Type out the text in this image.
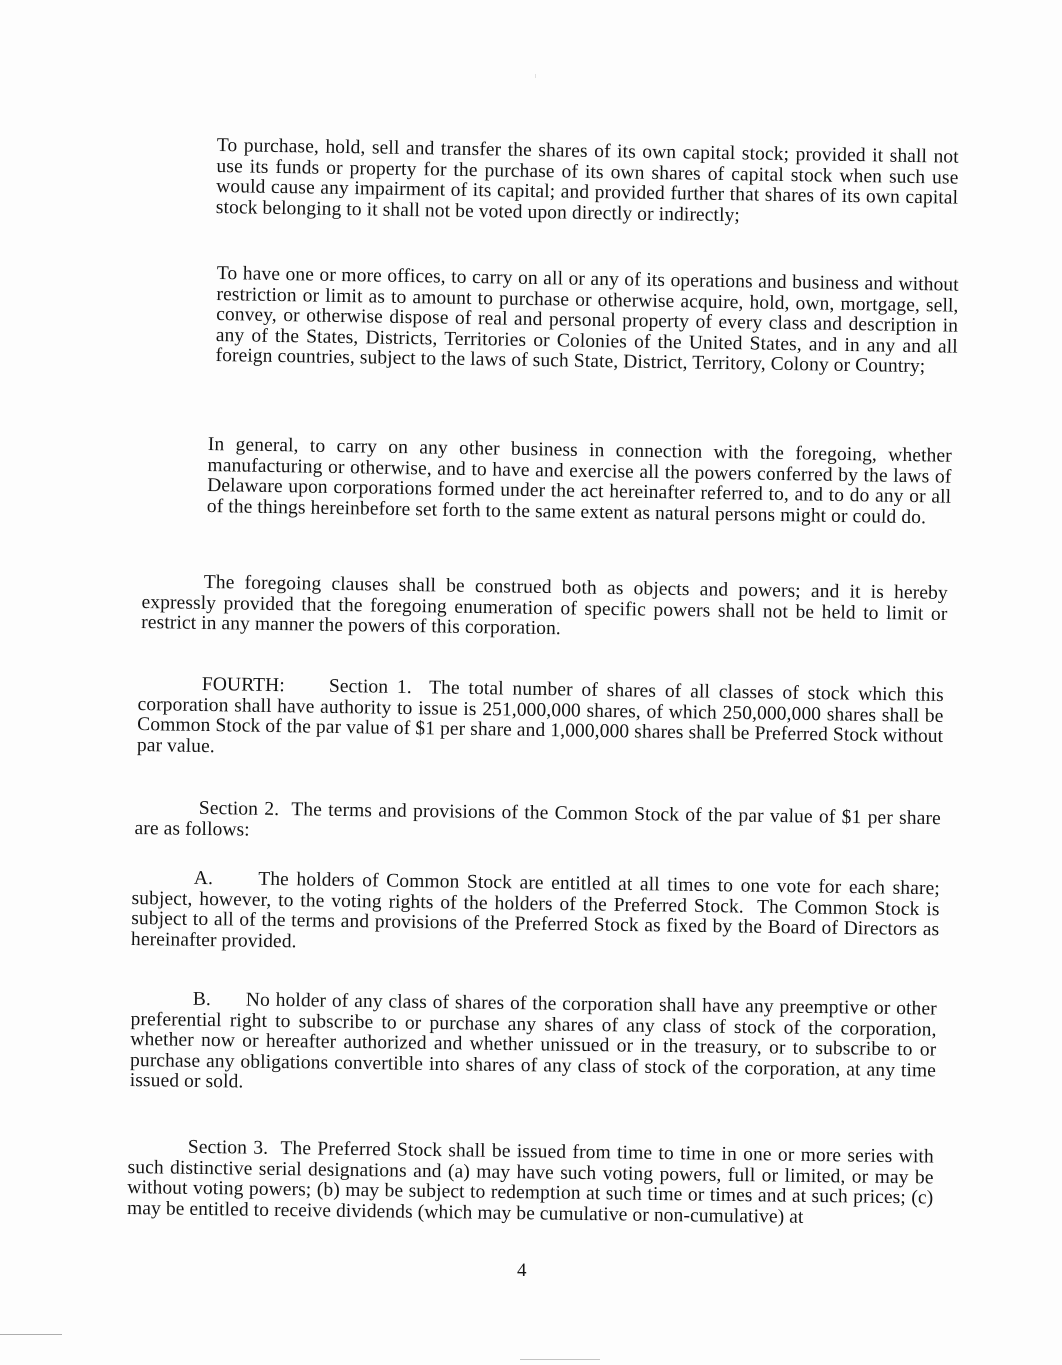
To purchase, hold, sell and transfer the shares of its own capital stock; provided it shall not use its funds or property for the purchase of its own shares of capital stock when such use would cause any impairment of its capital; and provided further that shares of its own capital stock belonging to it shall not be voted upon directly or indirectly;

To have one or more offices, to carry on all or any of its operations and business and without restriction or limit as to amount to purchase or otherwise acquire, hold, own, mortgage, sell, convey, or otherwise dispose of real and personal property of every class and description in any of the States, Districts, Territories or Colonies of the United States, and in any and all foreign countries, subject to the laws of such State, District, Territory, Colony or Country;

In general, to carry on any other business in connection with the foregoing, whether manufacturing or otherwise, and to have and exercise all the powers conferred by the laws of Delaware upon corporations formed under the act hereinafter referred to, and to do any or all of the things hereinbefore set forth to the same extent as natural persons might or could do.

The foregoing clauses shall be construed both as objects and powers; and it is hereby expressly provided that the foregoing enumeration of specific powers shall not be held to limit or restrict in any manner the powers of this corporation.

FOURTH:     Section 1.  The total number of shares of all classes of stock which this corporation shall have authority to issue is 251,000,000 shares, of which 250,000,000 shares shall be Common Stock of the par value of $1 per share and 1,000,000 shares shall be Preferred Stock without par value.

Section 2.  The terms and provisions of the Common Stock of the par value of $1 per share are as follows:

A.      The holders of Common Stock are entitled at all times to one vote for each share; subject, however, to the voting rights of the holders of the Preferred Stock.  The Common Stock is subject to all of the terms and provisions of the Preferred Stock as fixed by the Board of Directors as hereinafter provided.

B.      No holder of any class of shares of the corporation shall have any preemptive or other preferential right to subscribe to or purchase any shares of any class of stock of the corporation, whether now or hereafter authorized and whether unissued or in the treasury, or to subscribe to or purchase any obligations convertible into shares of any class of stock of the corporation, at any time issued or sold.

Section 3.  The Preferred Stock shall be issued from time to time in one or more series with such distinctive serial designations and (a) may have such voting powers, full or limited, or may be without voting powers; (b) may be subject to redemption at such time or times and at such prices; (c) may be entitled to receive dividends (which may be cumulative or non-cumulative) at

4
